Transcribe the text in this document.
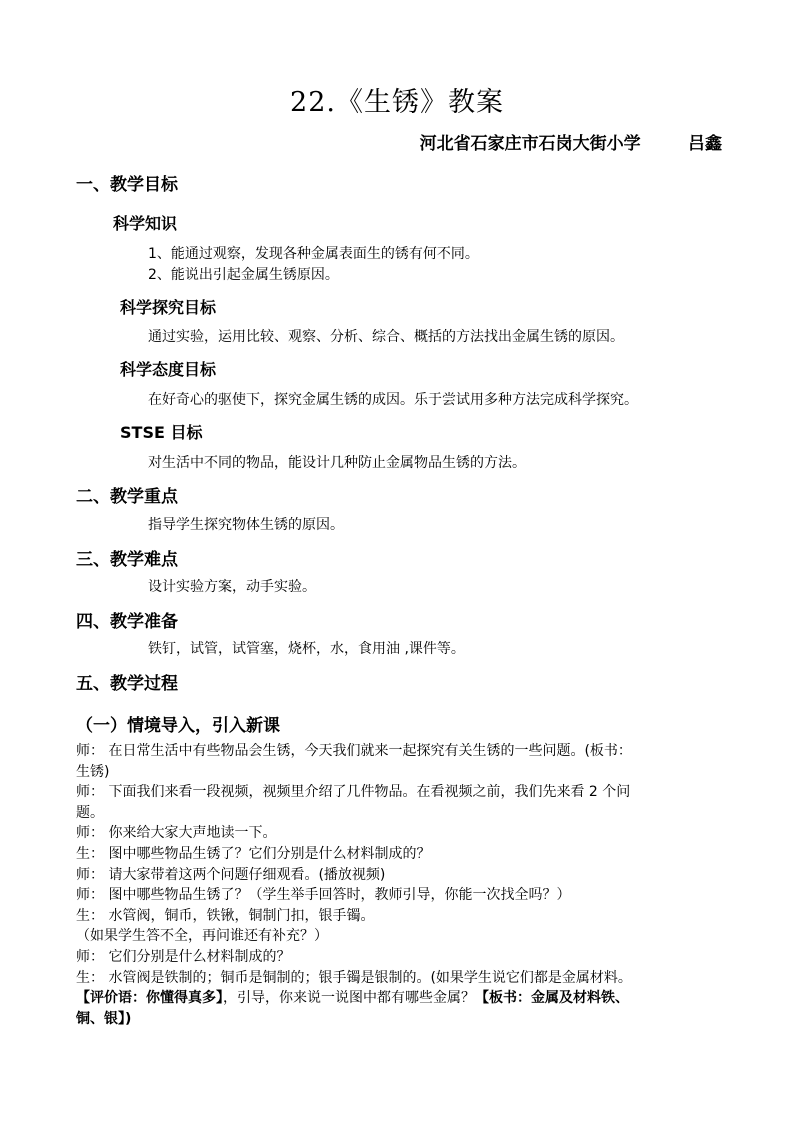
22.《生锈》教案
河北省石家庄市石岗大街小学        吕鑫
一、教学目标
科学知识
1、能通过观察，发现各种金属表面生的锈有何不同。
2、能说出引起金属生锈原因。
科学探究目标
通过实验，运用比较、观察、分析、综合、概括的方法找出金属生锈的原因。
科学态度目标
在好奇心的驱使下，探究金属生锈的成因。乐于尝试用多种方法完成科学探究。
STSE 目标
对生活中不同的物品，能设计几种防止金属物品生锈的方法。
二、教学重点
指导学生探究物体生锈的原因。
三、教学难点
设计实验方案，动手实验。
四、教学准备
铁钉，试管，试管塞，烧杯，水，食用油 ,课件等。
五、教学过程
（一）情境导入，引入新课
师： 在日常生活中有些物品会生锈，今天我们就来一起探究有关生锈的一些问题。(板书：
生锈)
师： 下面我们来看一段视频，视频里介绍了几件物品。在看视频之前，我们先来看 2 个问
题。
师： 你来给大家大声地读一下。
生： 图中哪些物品生锈了？它们分别是什么材料制成的？
师： 请大家带着这两个问题仔细观看。(播放视频)
师： 图中哪些物品生锈了？（学生举手回答时，教师引导，你能一次找全吗？）
生： 水管阀，铜币，铁锹，铜制门扣，银手镯。
（如果学生答不全，再问谁还有补充？）
师： 它们分别是什么材料制成的？
生： 水管阀是铁制的；铜币是铜制的；银手镯是银制的。(如果学生说它们都是金属材料。
【评价语：你懂得真多】，引导，你来说一说图中都有哪些金属？【板书：金属及材料铁、
铜、银】)
